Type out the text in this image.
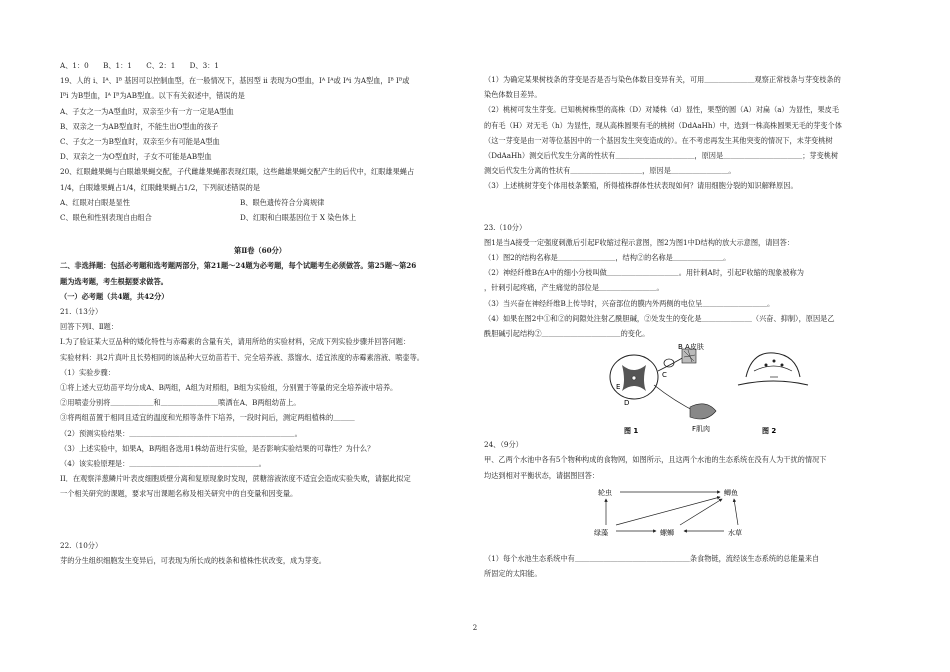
A、1：0　　B、1：1　　C、2：1　　D、3：1
19、人的 i、Iᴬ、Iᴮ 基因可以控制血型，在一般情况下，基因型 ii 表现为O型血，Iᴬ Iᴬ或 Iᴬi 为A型血，Iᴮ Iᴮ或
Iᴮi 为B型血，Iᴬ Iᴮ为AB型血。以下有关叙述中，错误的是
A、子女之一为A型血时，双亲至少有一方一定是A型血
B、双亲之一为AB型血时，不能生出O型血的孩子
C、子女之一为B型血时，双亲至少有可能是A型血
D、双亲之一为O型血时，子女不可能是AB型血
20、红眼雌果蝇与白眼雄果蝇交配，子代雌雄果蝇都表现红眼，这些雌雄果蝇交配产生的后代中，红眼雄果蝇占
1/4，白眼雄果蝇占1/4，红眼雌果蝇占1/2，下列叙述错误的是
A、红眼对白眼是显性	B、眼色遗传符合分离规律
C、眼色和性别表现自由组合	D、红眼和白眼基因位于 X 染色体上
第Ⅱ卷（60分）
二、非选择题：包括必考题和选考题两部分，第21题～24题为必考题，每个试题考生必须做答。第25题～第26
题为选考题，考生根据要求做答。
（一）必考题（共4题，共42分）
21.（13分）
回答下列Ⅰ、Ⅱ题：
I.为了验证某大豆品种的矮化特性与赤霉素的含量有关，请用所给的实验材料，完成下列实验步骤并回答问题：
实验材料：具2片真叶且长势相同的该品种大豆幼苗若干、完全培养液、蒸馏水、适宜浓度的赤霉素溶液、喷壶等。
（1）实验步骤：
①将上述大豆幼苗平均分成A、B两组，A组为对照组，B组为实验组，分别置于等量的完全培养液中培养。
②用喷壶分别将＿＿＿＿＿＿和＿＿＿＿＿＿＿＿喷洒在A、B两组幼苗上。
③将两组苗置于相同且适宜的温度和光照等条件下培养，一段时间后，测定两组植株的＿＿＿
（2）预测实验结果：＿＿＿＿＿＿＿＿＿＿＿＿＿＿＿＿＿＿＿＿＿＿＿。
（3）上述实验中，如果A，B两组各选用1株幼苗进行实验，是否影响实验结果的可靠性？为什么？
（4）该实验原理是：＿＿＿＿＿＿＿＿＿＿＿＿＿＿＿＿＿＿。
II．在观察洋葱鳞片叶表皮细胞质壁分离和复原现象时发现，蔗糖溶液浓度不适宜会造成实验失败，请据此拟定
一个相关研究的课题，要求写出课题名称及相关研究中的自变量和因变量。
22.（10分）
芽的分生组织细胞发生变异后，可表现为所长成的枝条和植株性状改变，成为芽变。
（1）为确定某果树枝条的芽变是否是否与染色体数目变异有关，可用＿＿＿＿＿＿＿观察正常枝条与芽变枝条的
染色体数目差异。
（2）桃树可发生芽变。已知桃树株型的高株（D）对矮株（d）显性，果型的圆（A）对扁（a）为显性，果皮毛
的有毛（H）对无毛（h）为显性，现从高株圆果有毛的桃树（DdAaHh）中，选到一株高株圆果无毛的芽变个体
（这一芽变是由一对等位基因中的一个基因发生突变造成的）。在不考虑再发生其他突变的情况下，未芽变桃树
（DdAaHh）测交后代发生分离的性状有＿＿＿＿＿＿＿＿＿＿＿，原因是＿＿＿＿＿＿＿＿＿＿＿；芽变桃树
测交后代发生分离的性状有＿＿＿＿＿＿＿＿＿＿，原因是＿＿＿＿＿＿＿＿。
（3）上述桃树芽变个体用枝条繁殖，所得植株群体性状表现如何？请用细胞分裂的知识解释原因。
23.（10分）
图1是当A接受一定强度刺激后引起F收缩过程示意图，图2为图1中D结构的放大示意图，请回答：
（1）图2的结构名称是＿＿＿＿＿＿＿＿，结构②的名称是＿＿＿＿＿＿＿。
（2）神经纤维B在A中的细小分枝叫做＿＿＿＿＿＿＿＿＿＿。用针刺A时，引起F收缩的现象被称为
，针刺引起疼痛，产生痛觉的部位是＿＿＿＿＿＿＿＿。
（3）当兴奋在神经纤维B上传导时，兴奋部位的膜内外两侧的电位呈＿＿＿＿＿＿＿＿＿。
（4）如果在图2中①和②的间隙处注射乙酰胆碱，②处发生的变化是＿＿＿＿＿＿＿（兴奋、抑制），原因是乙
酰胆碱引起结构②＿＿＿＿＿＿＿＿＿＿＿的变化。
B A皮肤
C
D
E
F肌肉
图 1	图 2
24、（9分）
甲、乙两个水池中各有5个物种构成的食物网，如图所示，且这两个水池的生态系统在没有人为干扰的情况下
均达到相对平衡状态，请据图回答：
轮虫	鲫鱼
绿藻	螺蛳	水草
（1）每个水池生态系统中有＿＿＿＿＿＿＿＿＿＿＿＿＿＿＿＿条食物链，流经该生态系统的总能量来自
所固定的太阳能。
2
